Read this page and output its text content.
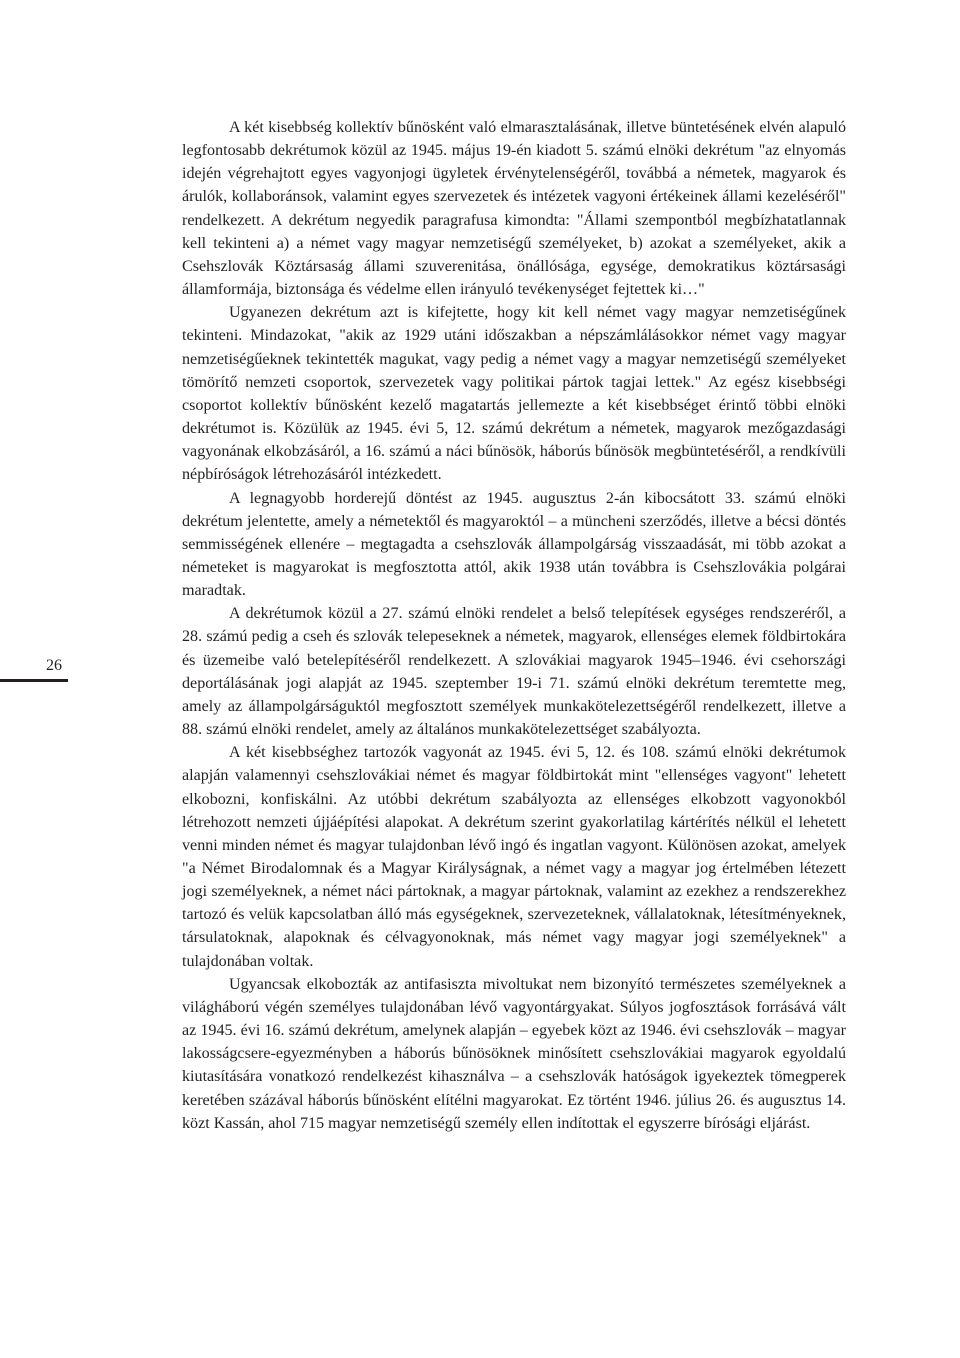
26

A két kisebbség kollektív bűnösként való elmarasztalásának, illetve büntetésének elvén alapuló legfontosabb dekrétumok közül az 1945. május 19-én kiadott 5. számú elnöki dekrétum "az elnyomás idején végrehajtott egyes vagyonjogi ügyletek érvénytelenségéről, továbbá a németek, magyarok és árulók, kollaboránsok, valamint egyes szervezetek és intézetek vagyoni értékeinek állami kezeléséről" rendelkezett. A dekrétum negyedik paragrafusa kimondta: "Állami szempontból megbízhatatlannak kell tekinteni a) a német vagy magyar nemzetiségű személyeket, b) azokat a személyeket, akik a Csehszlovák Köztársaság állami szuverenitása, önállósága, egysége, demokratikus köztársasági államformája, biztonsága és védelme ellen irányuló tevékenységet fejtettek ki…"

Ugyanezen dekrétum azt is kifejtette, hogy kit kell német vagy magyar nemzetiségűnek tekinteni. Mindazokat, "akik az 1929 utáni időszakban a népszámlálásokkor német vagy magyar nemzetiségűeknek tekintették magukat, vagy pedig a német vagy a magyar nemzetiségű személyeket tömörítő nemzeti csoportok, szervezetek vagy politikai pártok tagjai lettek." Az egész kisebbségi csoportot kollektív bűnösként kezelő magatartás jellemezte a két kisebbséget érintő többi elnöki dekrétumot is. Közülük az 1945. évi 5, 12. számú dekrétum a németek, magyarok mezőgazdasági vagyonának elkobzásáról, a 16. számú a náci bűnösök, háborús bűnösök megbüntetéséről, a rendkívüli népbíróságok létrehozásáról intézkedett.

A legnagyobb horderejű döntést az 1945. augusztus 2-án kibocsátott 33. számú elnöki dekrétum jelentette, amely a németektől és magyaroktól – a müncheni szerződés, illetve a bécsi döntés semmisségének ellenére – megtagadta a csehszlovák állampolgárság visszaadását, mi több azokat a németeket is magyarokat is megfosztotta attól, akik 1938 után továbbra is Csehszlovákia polgárai maradtak.

A dekrétumok közül a 27. számú elnöki rendelet a belső telepítések egységes rendszeréről, a 28. számú pedig a cseh és szlovák telepeseknek a németek, magyarok, ellenséges elemek földbirtokára és üzemeibe való betelepítéséről rendelkezett. A szlovákiai magyarok 1945–1946. évi csehországi deportálásának jogi alapját az 1945. szeptember 19-i 71. számú elnöki dekrétum teremtette meg, amely az állampolgárságuktól megfosztott személyek munkakötelezettségéről rendelkezett, illetve a 88. számú elnöki rendelet, amely az általános munkakötelezettséget szabályozta.

A két kisebbséghez tartozók vagyonát az 1945. évi 5, 12. és 108. számú elnöki dekrétumok alapján valamennyi csehszlovákiai német és magyar földbirtokát mint "ellenséges vagyont" lehetett elkobozni, konfiskálni. Az utóbbi dekrétum szabályozta az ellenséges elkobzott vagyonokból létrehozott nemzeti újjáépítési alapokat. A dekrétum szerint gyakorlatilag kártérítés nélkül el lehetett venni minden német és magyar tulajdonban lévő ingó és ingatlan vagyont. Különösen azokat, amelyek "a Német Birodalomnak és a Magyar Királyságnak, a német vagy a magyar jog értelmében létezett jogi személyeknek, a német náci pártoknak, a magyar pártoknak, valamint az ezekhez a rendszerekhez tartozó és velük kapcsolatban álló más egységeknek, szervezeteknek, vállalatoknak, létesítményeknek, társulatoknak, alapoknak és célvagyonoknak, más német vagy magyar jogi személyeknek" a tulajdonában voltak.

Ugyancsak elkobozták az antifasiszta mivoltukat nem bizonyító természetes személyeknek a világháború végén személyes tulajdonában lévő vagyontárgyakat. Súlyos jogfosztások forrásává vált az 1945. évi 16. számú dekrétum, amelynek alapján – egyebek közt az 1946. évi csehszlovák – magyar lakosságcsere-egyezményben a háborús bűnösöknek minősített csehszlovákiai magyarok egyoldalú kiutasítására vonatkozó rendelkezést kihasználva – a csehszlovák hatóságok igyekeztek tömegperek keretében százával háborús bűnösként elítélni magyarokat. Ez történt 1946. július 26. és augusztus 14. közt Kassán, ahol 715 magyar nemzetiségű személy ellen indítottak el egyszerre bírósági eljárást.
